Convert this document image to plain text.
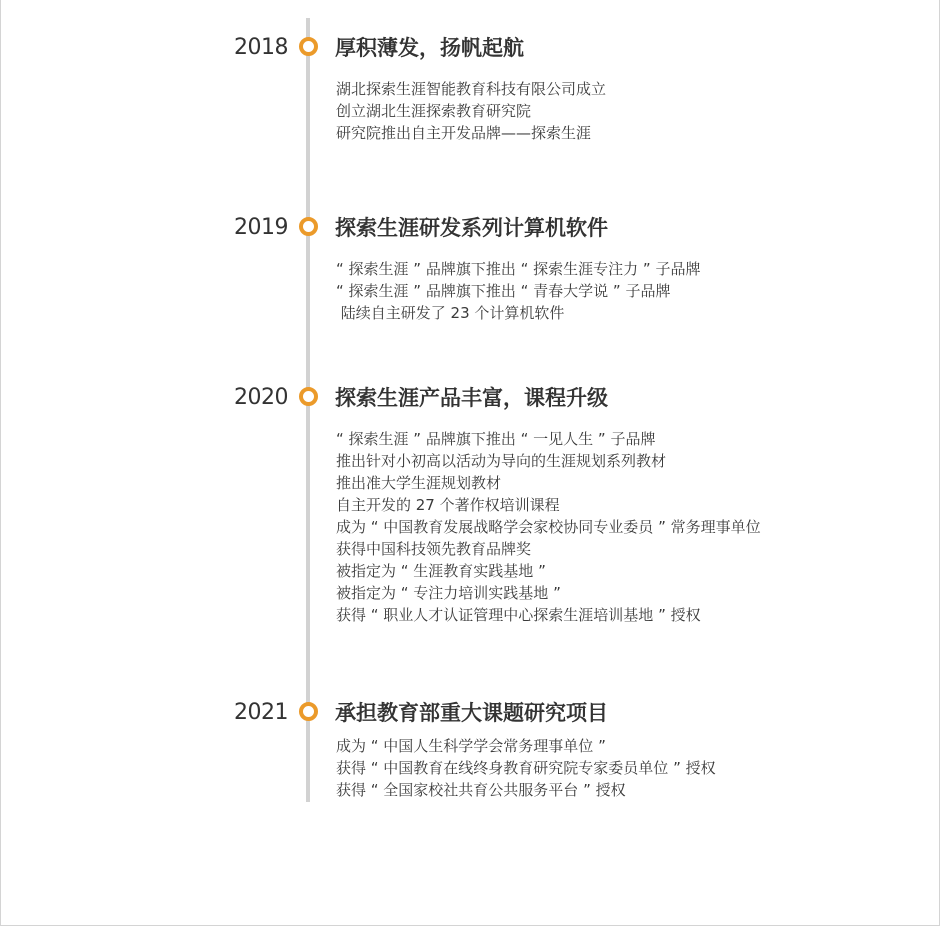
2018 厚积薄发，扬帆起航
湖北探索生涯智能教育科技有限公司成立
创立湖北生涯探索教育研究院
研究院推出自主开发品牌——探索生涯
2019 探索生涯研发系列计算机软件
“ 探索生涯 ” 品牌旗下推出 “ 探索生涯专注力 ” 子品牌
“ 探索生涯 ” 品牌旗下推出 “ 青春大学说 ” 子品牌
陆续自主研发了 23 个计算机软件
2020 探索生涯产品丰富，课程升级
“ 探索生涯 ” 品牌旗下推出 “ 一见人生 ” 子品牌
推出针对小初高以活动为导向的生涯规划系列教材
推出准大学生涯规划教材
自主开发的 27 个著作权培训课程
成为 “ 中国教育发展战略学会家校协同专业委员 ” 常务理事单位
获得中国科技领先教育品牌奖
被指定为 “ 生涯教育实践基地 ”
被指定为 “ 专注力培训实践基地 ”
获得 “ 职业人才认证管理中心探索生涯培训基地 ” 授权
2021 承担教育部重大课题研究项目
成为 “ 中国人生科学学会常务理事单位 ”
获得 “ 中国教育在线终身教育研究院专家委员单位 ” 授权
获得 “ 全国家校社共育公共服务平台 ” 授权
